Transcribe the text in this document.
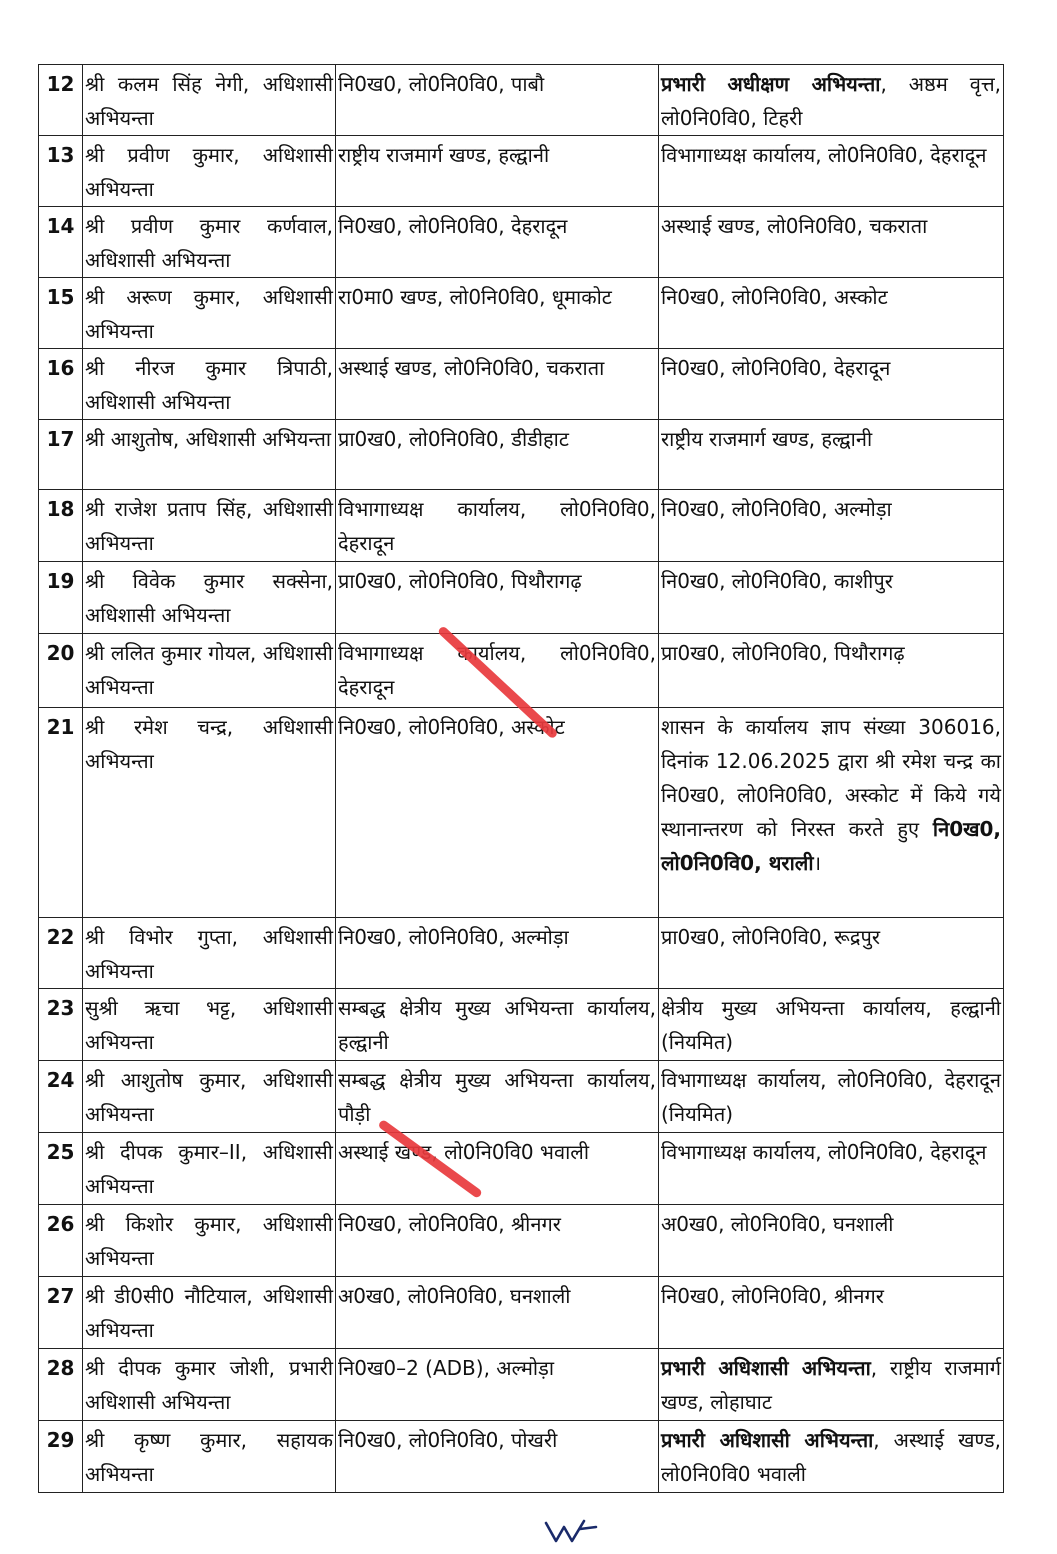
12	श्री कलम सिंह नेगी, अधिशासी अभियन्ता	नि0ख0, लो0नि0वि0, पाबौ	प्रभारी अधीक्षण अभियन्ता, अष्ठम वृत्त, लो0नि0वि0, टिहरी
13	श्री प्रवीण कुमार, अधिशासी अभियन्ता	राष्ट्रीय राजमार्ग खण्ड, हल्द्वानी	विभागाध्यक्ष कार्यालय, लो0नि0वि0, देहरादून
14	श्री प्रवीण कुमार कर्णवाल, अधिशासी अभियन्ता	नि0ख0, लो0नि0वि0, देहरादून	अस्थाई खण्ड, लो0नि0वि0, चकराता
15	श्री अरूण कुमार, अधिशासी अभियन्ता	रा0मा0 खण्ड, लो0नि0वि0, धूमाकोट	नि0ख0, लो0नि0वि0, अस्कोट
16	श्री नीरज कुमार त्रिपाठी, अधिशासी अभियन्ता	अस्थाई खण्ड, लो0नि0वि0, चकराता	नि0ख0, लो0नि0वि0, देहरादून
17	श्री आशुतोष, अधिशासी अभियन्ता	प्रा0ख0, लो0नि0वि0, डीडीहाट	राष्ट्रीय राजमार्ग खण्ड, हल्द्वानी
18	श्री राजेश प्रताप सिंह, अधिशासी अभियन्ता	विभागाध्यक्ष कार्यालय, लो0नि0वि0, देहरादून	नि0ख0, लो0नि0वि0, अल्मोड़ा
19	श्री विवेक कुमार सक्सेना, अधिशासी अभियन्ता	प्रा0ख0, लो0नि0वि0, पिथौरागढ़	नि0ख0, लो0नि0वि0, काशीपुर
20	श्री ललित कुमार गोयल, अधिशासी अभियन्ता	विभागाध्यक्ष कार्यालय, लो0नि0वि0, देहरादून	प्रा0ख0, लो0नि0वि0, पिथौरागढ़
21	श्री रमेश चन्द्र, अधिशासी अभियन्ता	नि0ख0, लो0नि0वि0, अस्कोट	शासन के कार्यालय ज्ञाप संख्या 306016, दिनांक 12.06.2025 द्वारा श्री रमेश चन्द्र का नि0ख0, लो0नि0वि0, अस्कोट में किये गये स्थानान्तरण को निरस्त करते हुए नि0ख0, लो0नि0वि0, थराली।
22	श्री विभोर गुप्ता, अधिशासी अभियन्ता	नि0ख0, लो0नि0वि0, अल्मोड़ा	प्रा0ख0, लो0नि0वि0, रूद्रपुर
23	सुश्री ऋचा भट्ट, अधिशासी अभियन्ता	सम्बद्ध क्षेत्रीय मुख्य अभियन्ता कार्यालय, हल्द्वानी	क्षेत्रीय मुख्य अभियन्ता कार्यालय, हल्द्वानी (नियमित)
24	श्री आशुतोष कुमार, अधिशासी अभियन्ता	सम्बद्ध क्षेत्रीय मुख्य अभियन्ता कार्यालय, पौड़ी	विभागाध्यक्ष कार्यालय, लो0नि0वि0, देहरादून (नियमित)
25	श्री दीपक कुमार–II, अधिशासी अभियन्ता	अस्थाई खण्ड, लो0नि0वि0 भवाली	विभागाध्यक्ष कार्यालय, लो0नि0वि0, देहरादून
26	श्री किशोर कुमार, अधिशासी अभियन्ता	नि0ख0, लो0नि0वि0, श्रीनगर	अ0ख0, लो0नि0वि0, घनशाली
27	श्री डी0सी0 नौटियाल, अधिशासी अभियन्ता	अ0ख0, लो0नि0वि0, घनशाली	नि0ख0, लो0नि0वि0, श्रीनगर
28	श्री दीपक कुमार जोशी, प्रभारी अधिशासी अभियन्ता	नि0ख0–2 (ADB), अल्मोड़ा	प्रभारी अधिशासी अभियन्ता, राष्ट्रीय राजमार्ग खण्ड, लोहाघाट
29	श्री कृष्ण कुमार, सहायक अभियन्ता	नि0ख0, लो0नि0वि0, पोखरी	प्रभारी अधिशासी अभियन्ता, अस्थाई खण्ड, लो0नि0वि0 भवाली
